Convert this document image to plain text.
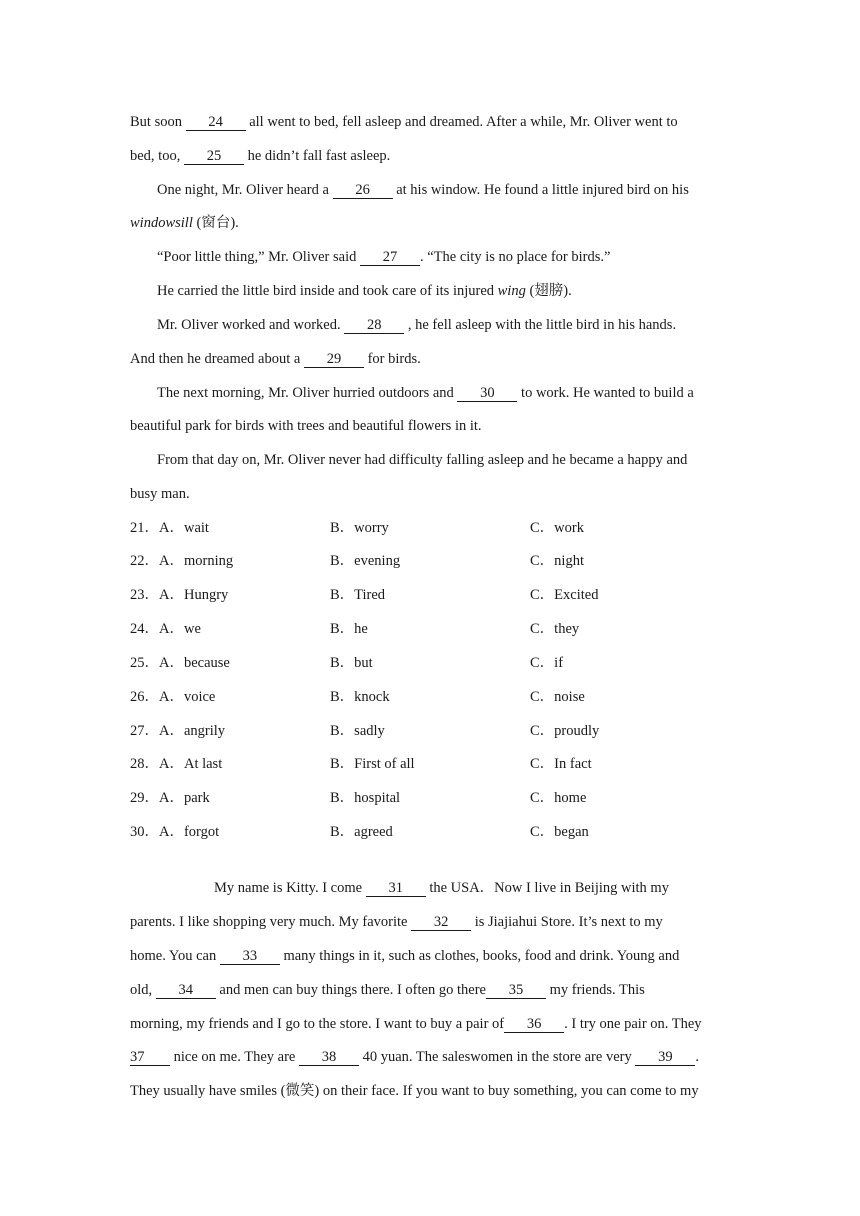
But soon 24 all went to bed, fell asleep and dreamed. After a while, Mr. Oliver went to
bed, too, 25 he didn’t fall fast asleep.
One night, Mr. Oliver heard a 26 at his window. He found a little injured bird on his
windowsill (窗台).
“Poor little thing,” Mr. Oliver said 27 . “The city is no place for birds.”
He carried the little bird inside and took care of its injured wing (翅膀).
Mr. Oliver worked and worked. 28 , he fell asleep with the little bird in his hands.
And then he dreamed about a 29 for birds.
The next morning, Mr. Oliver hurried outdoors and 30 to work. He wanted to build a
beautiful park for birds with trees and beautiful flowers in it.
From that day on, Mr. Oliver never had difficulty falling asleep and he became a happy and
busy man.
21． A．wait	B．worry	C．work
22． A．morning	B．evening	C．night
23． A．Hungry	B．Tired	C．Excited
24． A．we	B．he	C．they
25． A．because	B．but	C．if
26． A．voice	B．knock	C．noise
27． A．angrily	B．sadly	C．proudly
28． A．At last	B．First of all	C．In fact
29． A．park	B．hospital	C．home
30． A．forgot	B．agreed	C．began
My name is Kitty. I come 31 the USA．Now I live in Beijing with my
parents. I like shopping very much. My favorite 32 is Jiajiahui Store. It’s next to my
home. You can 33 many things in it, such as clothes, books, food and drink. Young and
old, 34 and men can buy things there. I often go there 35 my friends. This
morning, my friends and I go to the store. I want to buy a pair of 36 . I try one pair on. They
37 nice on me. They are 38 40 yuan. The saleswomen in the store are very 39 .
They usually have smiles (微笑) on their face. If you want to buy something, you can come to my
